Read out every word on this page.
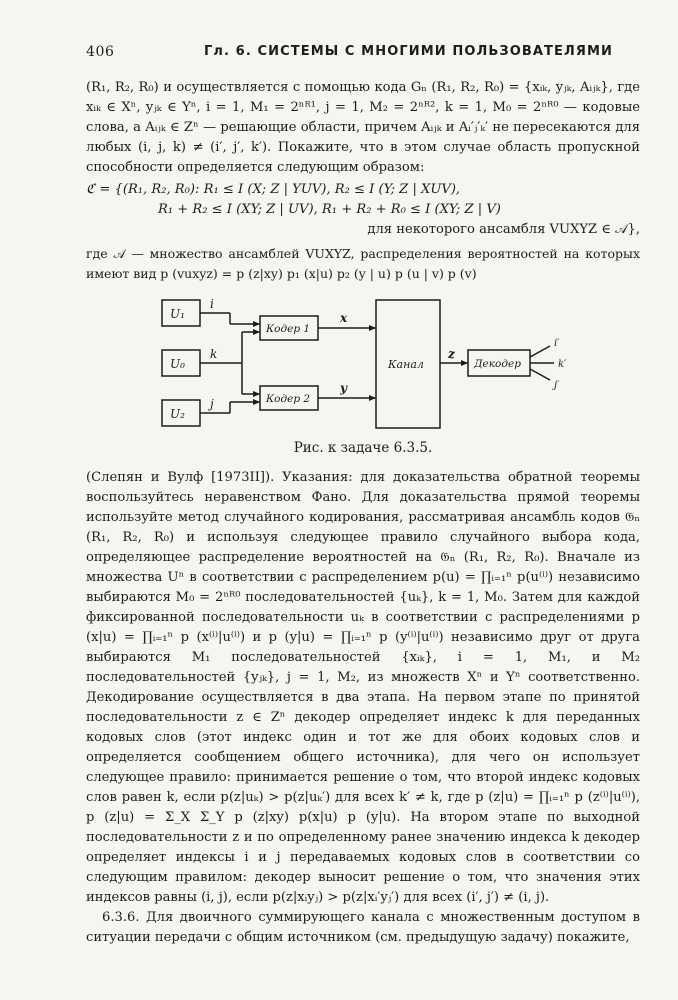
406	Гл. 6. СИСТЕМЫ С МНОГИМИ ПОЛЬЗОВАТЕЛЯМИ

(R₁, R₂, R₀) и осуществляется с помощью кода Gₙ (R₁, R₂, R₀) = {xᵢₖ, yⱼₖ, Aᵢⱼₖ}, где xᵢₖ ∈ Xⁿ, yⱼₖ ∈ Yⁿ, i = 1, M₁ = 2ⁿᴿ¹, j = 1, M₂ = 2ⁿᴿ², k = 1, M₀ = 2ⁿᴿ⁰ — кодовые слова, а Aᵢⱼₖ ∈ Zⁿ — решающие области, причем Aᵢⱼₖ и Aᵢ′ⱼ′ₖ′ не пересекаются для любых (i, j, k) ≠ (i′, j′, k′). Покажите, что в этом случае область пропускной способности определяется следующим образом:

ℭ = {(R₁, R₂, R₀): R₁ ≤ I (X; Z | YUV), R₂ ≤ I (Y; Z | XUV),
R₁ + R₂ ≤ I (XY; Z | UV), R₁ + R₂ + R₀ ≤ I (XY; Z | V)
для некоторого ансамбля VUXYZ ∈ 𝒜},

где 𝒜 — множество ансамблей VUXYZ, распределения вероятностей на которых имеют вид p (vuxyz) = p (z|xy) p₁ (x|u) p₂ (y | u) p (u | v) p (v)

U₁
U₀
U₂
i
k
j
Кодер 1
Кодер 2
Канал	Декодер
x
y
z
i′
k′
j′
Рис. к задаче 6.3.5.

(Слепян и Вулф [1973II]). Указания: для доказательства обратной теоремы воспользуйтесь неравенством Фано. Для доказательства прямой теоремы используйте метод случайного кодирования, рассматривая ансамбль кодов 𝔊ₙ (R₁, R₂, R₀) и используя следующее правило случайного выбора кода, определяющее распределение вероятностей на 𝔊ₙ (R₁, R₂, R₀). Вначале из множества Uⁿ в соответствии с распределением p(u) = ∏ᵢ₌₁ⁿ p(u⁽ⁱ⁾) независимо выбираются M₀ = 2ⁿᴿ⁰ последовательностей {uₖ}, k = 1, M₀. Затем для каждой фиксированной последовательности uₖ в соответствии с распределениями p (x|u) = ∏ᵢ₌₁ⁿ p (x⁽ⁱ⁾|u⁽ⁱ⁾) и p (y|u) = ∏ᵢ₌₁ⁿ p (y⁽ⁱ⁾|u⁽ⁱ⁾) независимо друг от друга выбираются M₁ последовательностей {xᵢₖ}, i = 1, M₁, и M₂ последовательностей {yⱼₖ}, j = 1, M₂, из множеств Xⁿ и Yⁿ соответственно. Декодирование осуществляется в два этапа. На первом этапе по принятой последовательности z ∈ Zⁿ декодер определяет индекс k для переданных кодовых слов (этот индекс один и тот же для обоих кодовых слов и определяется сообщением общего источника), для чего он использует следующее правило: принимается решение о том, что второй индекс кодовых слов равен k, если p(z|uₖ) > p(z|uₖ′) для всех k′ ≠ k, где p (z|u) = ∏ᵢ₌₁ⁿ p (z⁽ⁱ⁾|u⁽ⁱ⁾), p (z|u) = Σ_X Σ_Y p (z|xy) p(x|u) p (y|u). На втором этапе по выходной последовательности z и по определенному ранее значению индекса k декодер определяет индексы i и j передаваемых кодовых слов в соответствии со следующим правилом: декодер выносит решение о том, что значения этих индексов равны (i, j), если p(z|xᵢyⱼ) > p(z|xᵢ′yⱼ′) для всех (i′, j′) ≠ (i, j).

6.3.6. Для двоичного суммирующего канала с множественным доступом в ситуации передачи с общим источником (см. предыдущую задачу) покажите,
